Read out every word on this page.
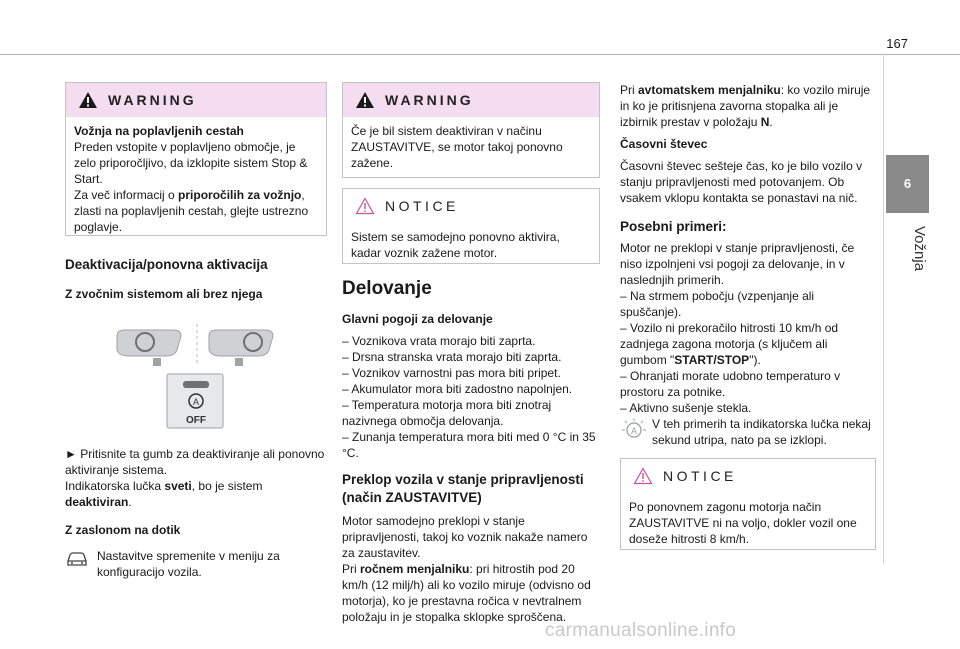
167
6
Vožnja
WARNING

Vožnja na poplavljenih cestah

Preden vstopite v poplavljeno območje, je zelo priporočljivo, da izklopite sistem Stop & Start.

Za več informacij o priporočilih za vožnjo, zlasti na poplavljenih cestah, glejte ustrezno poglavje.

Deaktivacija/ponovna aktivacija
Z zvočnim sistemom ali brez njega
A
OFF

► Pritisnite ta gumb za deaktiviranje ali ponovno aktiviranje sistema.

Indikatorska lučka sveti, bo je sistem
deaktiviran.

Z zaslonom na dotik

Nastavitve spremenite v meniju za konfiguracijo vozila.

WARNING

Če je bil sistem deaktiviran v načinu ZAUSTAVITVE, se motor takoj ponovno zažene.

NOTICE

Sistem se samodejno ponovno aktivira, kadar voznik zažene motor.

Delovanje
Glavni pogoji za delovanje

– Voznikova vrata morajo biti zaprta.

– Drsna stranska vrata morajo biti zaprta.

– Voznikov varnostni pas mora biti pripet.

– Akumulator mora biti zadostno napolnjen.

– Temperatura motorja mora biti znotraj nazivnega območja delovanja.

– Zunanja temperatura mora biti med 0 °C in 35 °C.

Preklop vozila v stanje pripravljenosti (način ZAUSTAVITVE)

Motor samodejno preklopi v stanje pripravljenosti, takoj ko voznik nakaže namero za zaustavitev.

Pri ročnem menjalniku: pri hitrostih pod 20 km/h (12 milj/h) ali ko vozilo miruje (odvisno od motorja), ko je prestavna ročica v nevtralnem položaju in je stopalka sklopke sproščena.

Pri avtomatskem menjalniku: ko vozilo miruje in ko je pritisnjena zavorna stopalka ali je izbirnik prestav v položaju N.

Časovni števec

Časovni števec sešteje čas, ko je bilo vozilo v stanju pripravljenosti med potovanjem. Ob vsakem vklopu kontakta se ponastavi na nič.

Posebni primeri:

Motor ne preklopi v stanje pripravljenosti, če niso izpolnjeni vsi pogoji za delovanje, in v naslednjih primerih.

– Na strmem pobočju (vzpenjanje ali spuščanje).

– Vozilo ni prekoračilo hitrosti 10 km/h od zadnjega zagona motorja (s ključem ali gumbom "START/STOP").

– Ohranjati morate udobno temperaturo v prostoru za potnike.

– Aktivno sušenje stekla.

A V teh primerih ta indikatorska lučka nekaj sekund utripa, nato pa se izklopi.

NOTICE

Po ponovnem zagonu motorja način ZAUSTAVITVE ni na voljo, dokler vozil one doseže hitrosti 8 km/h.

carmanualsonline.info
